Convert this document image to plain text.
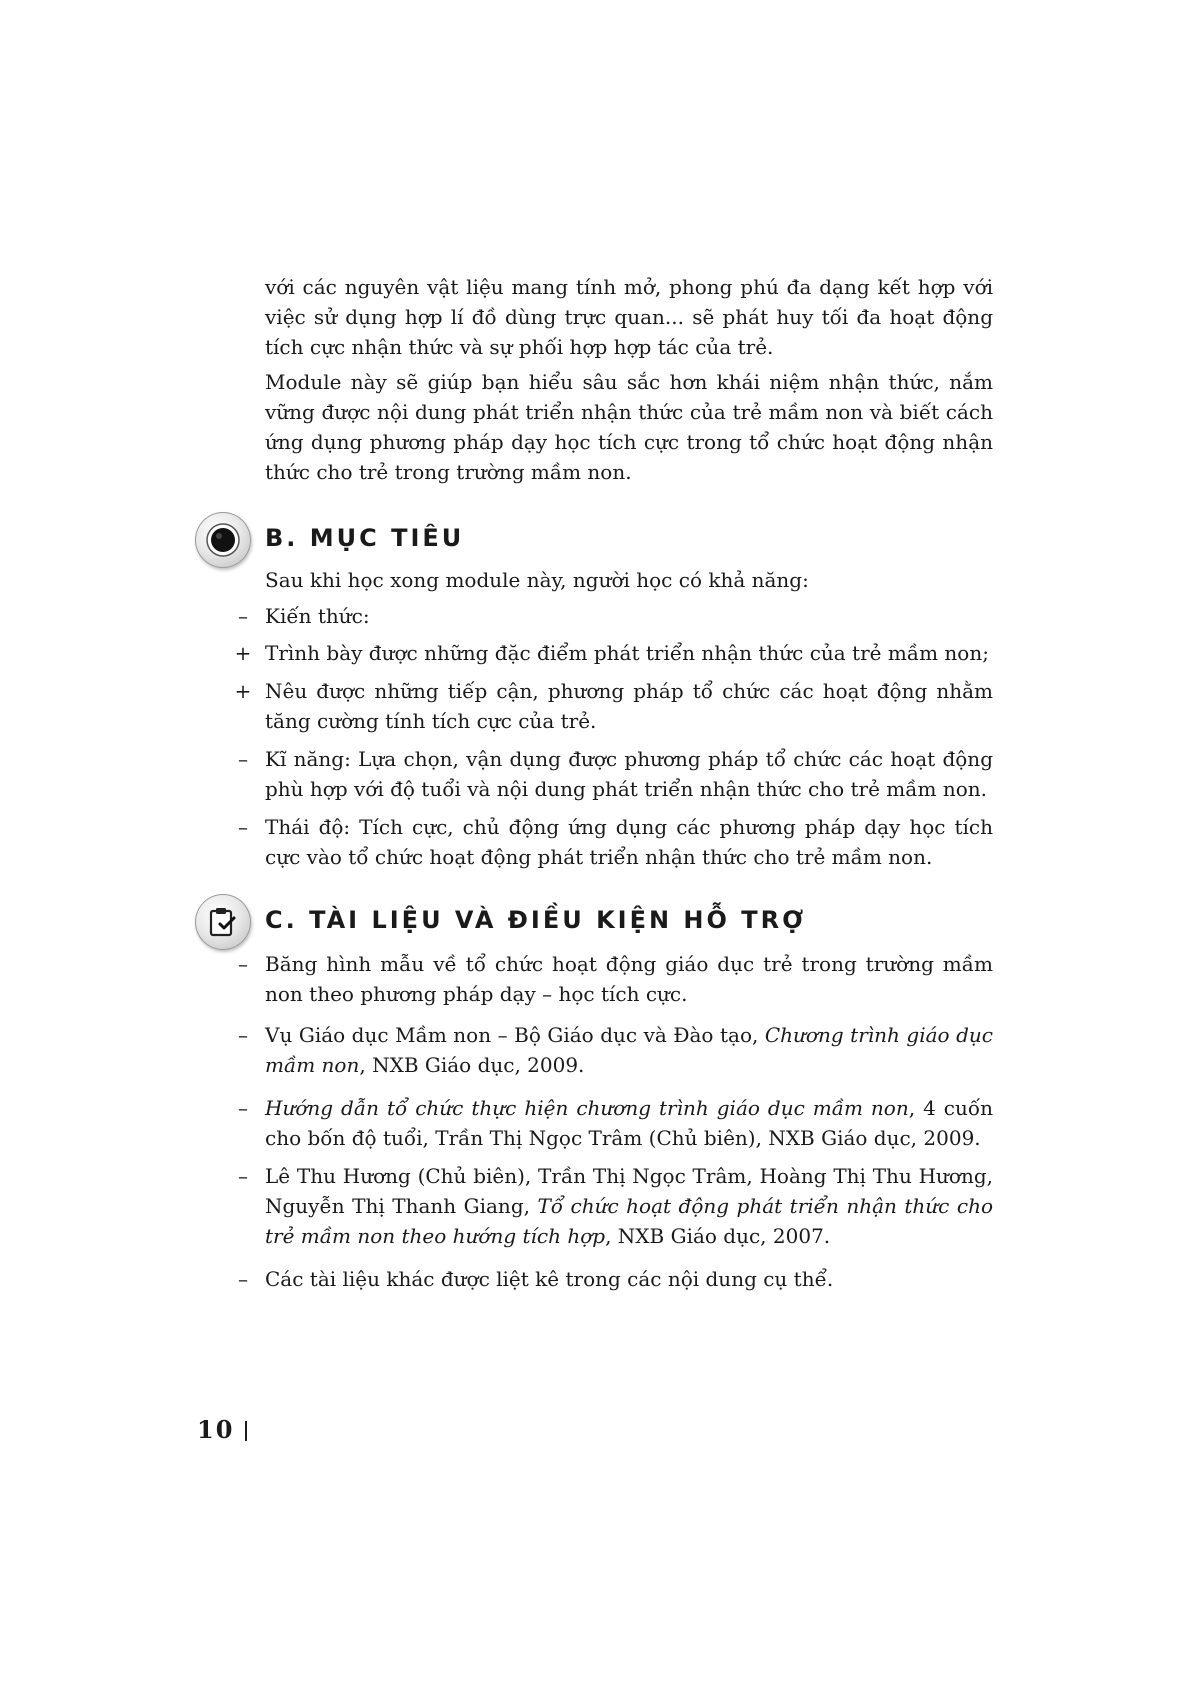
với các nguyên vật liệu mang tính mở, phong phú đa dạng kết hợp với việc sử dụng hợp lí đồ dùng trực quan... sẽ phát huy tối đa hoạt động tích cực nhận thức và sự phối hợp hợp tác của trẻ.

Module này sẽ giúp bạn hiểu sâu sắc hơn khái niệm nhận thức, nắm vững được nội dung phát triển nhận thức của trẻ mầm non và biết cách ứng dụng phương pháp dạy học tích cực trong tổ chức hoạt động nhận thức cho trẻ trong trường mầm non.

B. MỤC TIÊU

Sau khi học xong module này, người học có khả năng:

– Kiến thức:

+ Trình bày được những đặc điểm phát triển nhận thức của trẻ mầm non;

+ Nêu được những tiếp cận, phương pháp tổ chức các hoạt động nhằm tăng cường tính tích cực của trẻ.

– Kĩ năng: Lựa chọn, vận dụng được phương pháp tổ chức các hoạt động phù hợp với độ tuổi và nội dung phát triển nhận thức cho trẻ mầm non.

– Thái độ: Tích cực, chủ động ứng dụng các phương pháp dạy học tích cực vào tổ chức hoạt động phát triển nhận thức cho trẻ mầm non.

C. TÀI LIỆU VÀ ĐIỀU KIỆN HỖ TRỢ
– Băng hình mẫu về tổ chức hoạt động giáo dục trẻ trong trường mầm non theo phương pháp dạy – học tích cực.

– Vụ Giáo dục Mầm non – Bộ Giáo dục và Đào tạo, Chương trình giáo dục mầm non, NXB Giáo dục, 2009.

– Hướng dẫn tổ chức thực hiện chương trình giáo dục mầm non, 4 cuốn cho bốn độ tuổi, Trần Thị Ngọc Trâm (Chủ biên), NXB Giáo dục, 2009.

– Lê Thu Hương (Chủ biên), Trần Thị Ngọc Trâm, Hoàng Thị Thu Hương, Nguyễn Thị Thanh Giang, Tổ chức hoạt động phát triển nhận thức cho trẻ mầm non theo hướng tích hợp, NXB Giáo dục, 2007.

– Các tài liệu khác được liệt kê trong các nội dung cụ thể.

10
